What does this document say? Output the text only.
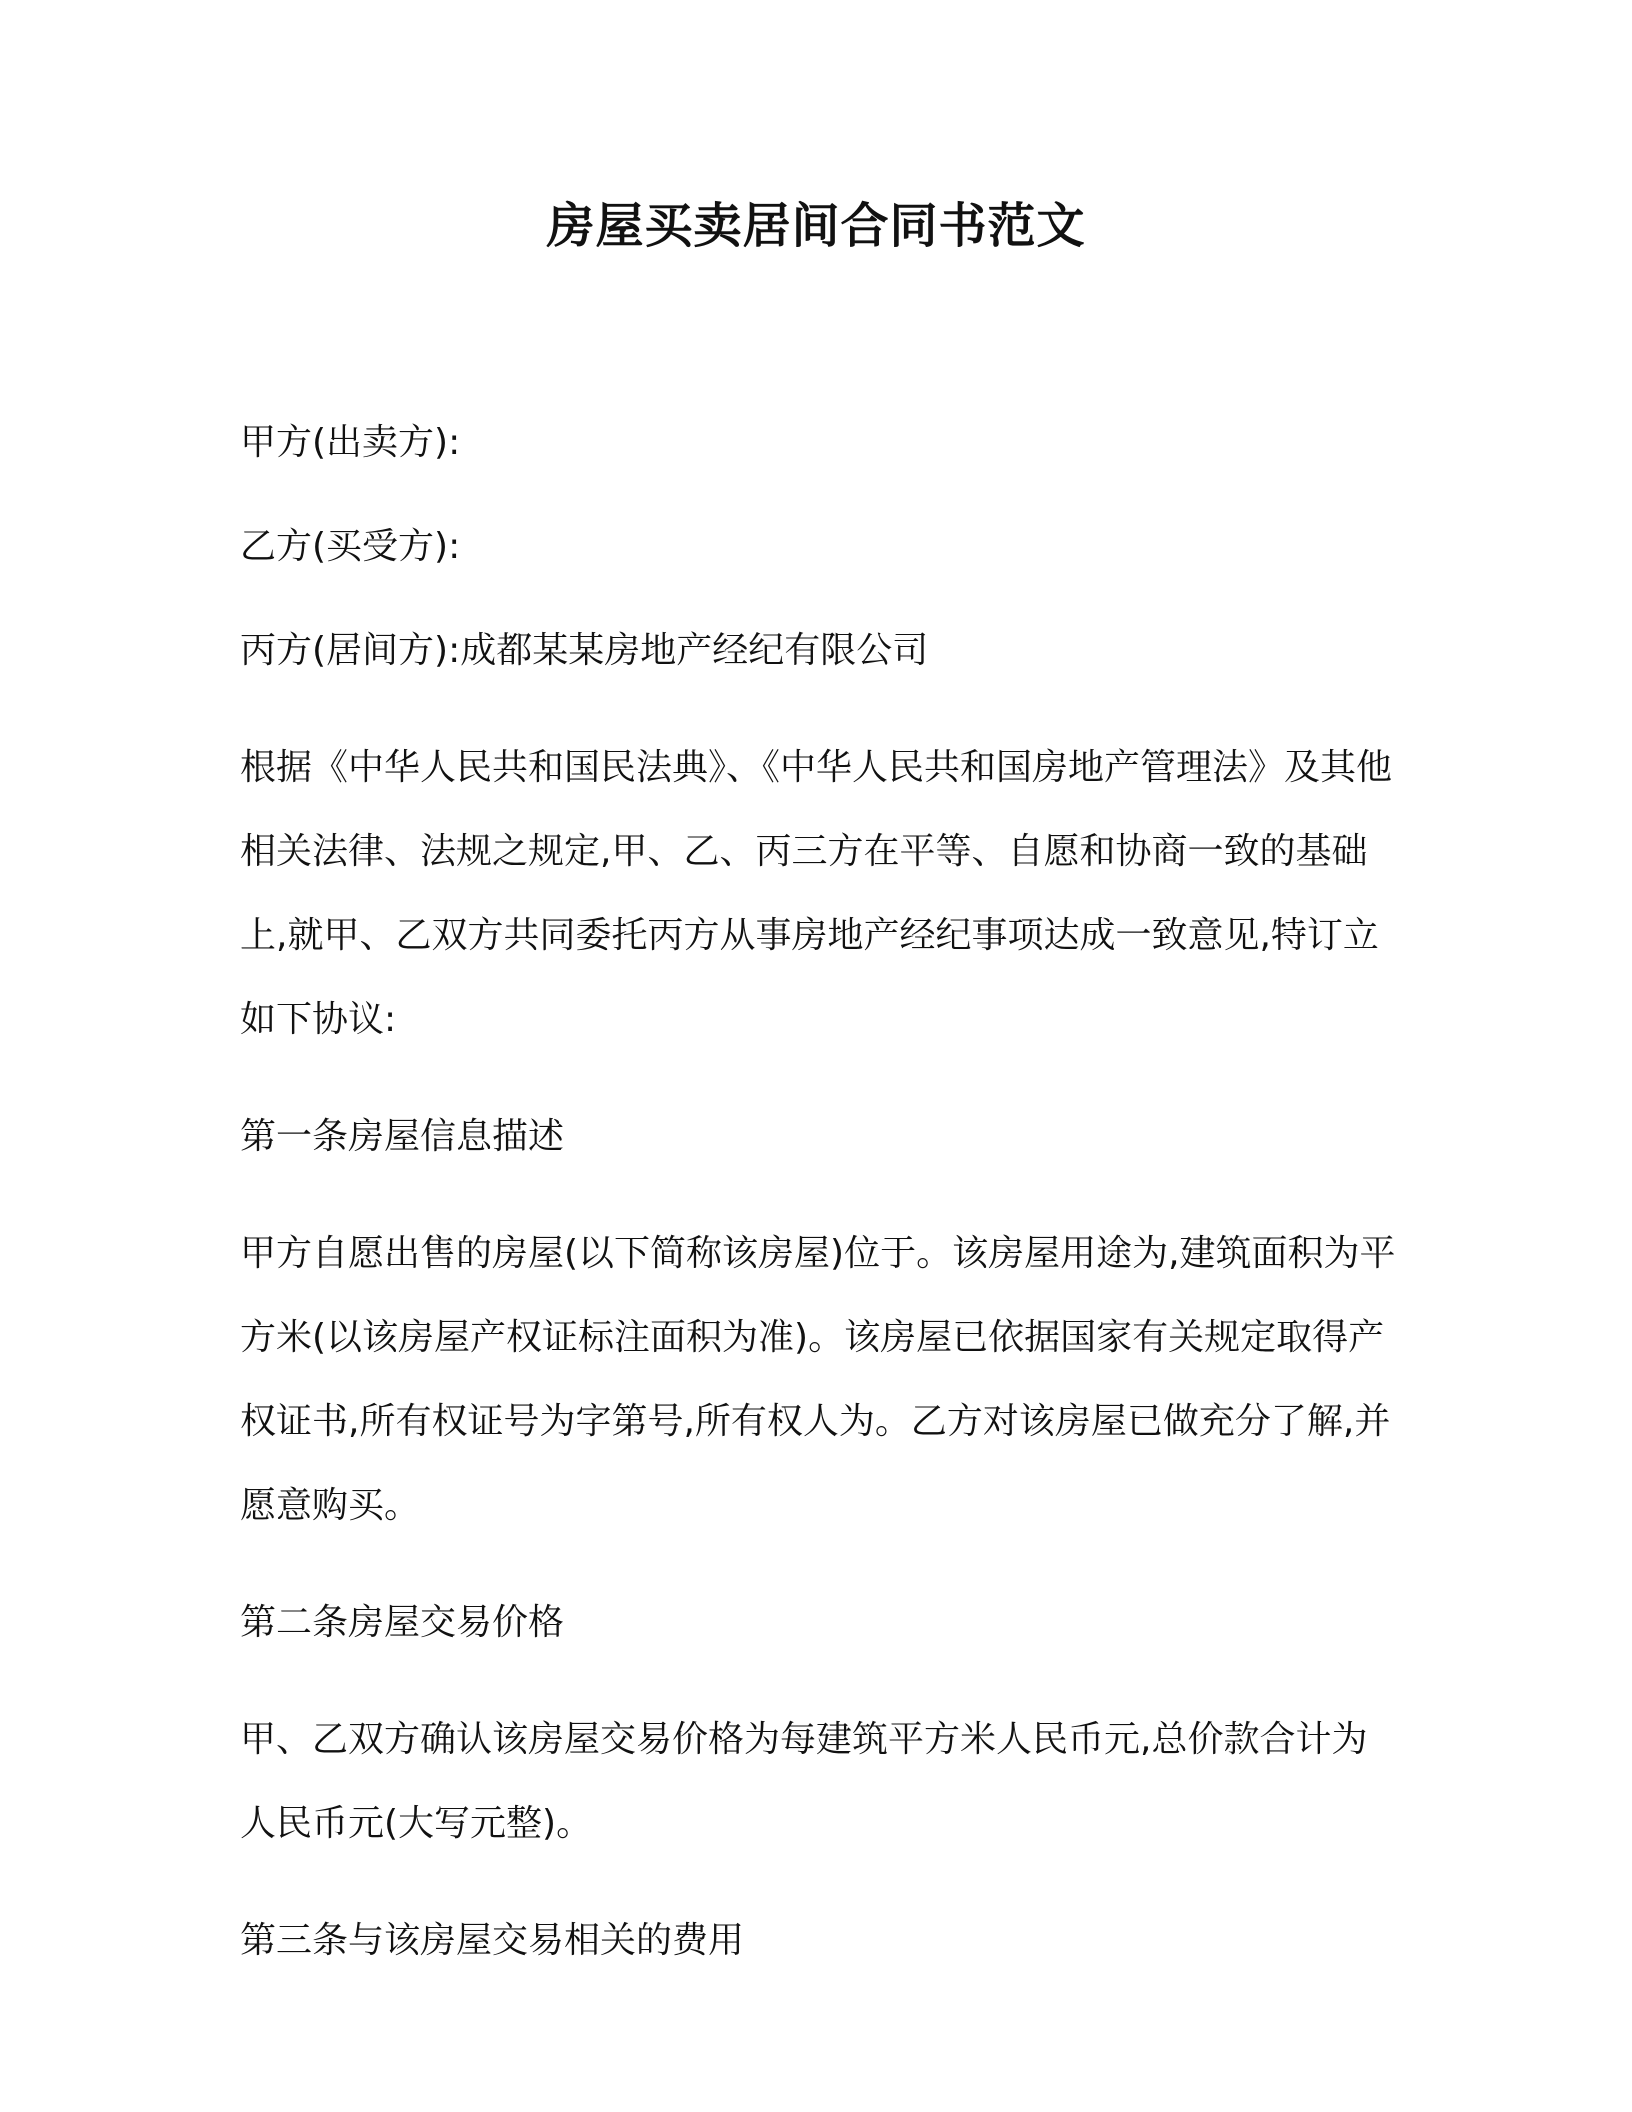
房屋买卖居间合同书范文

甲方(出卖方):

乙方(买受方):

丙方(居间方):成都某某房地产经纪有限公司

根据《中华人民共和国民法典》、《中华人民共和国房地产管理法》及其他相关法律、法规之规定,甲、乙、丙三方在平等、自愿和协商一致的基础上,就甲、乙双方共同委托丙方从事房地产经纪事项达成一致意见,特订立如下协议:

第一条房屋信息描述

甲方自愿出售的房屋(以下简称该房屋)位于。该房屋用途为,建筑面积为平方米(以该房屋产权证标注面积为准)。该房屋已依据国家有关规定取得产权证书,所有权证号为字第号,所有权人为。乙方对该房屋已做充分了解,并愿意购买。

第二条房屋交易价格

甲、乙双方确认该房屋交易价格为每建筑平方米人民币元,总价款合计为人民币元(大写元整)。

第三条与该房屋交易相关的费用
